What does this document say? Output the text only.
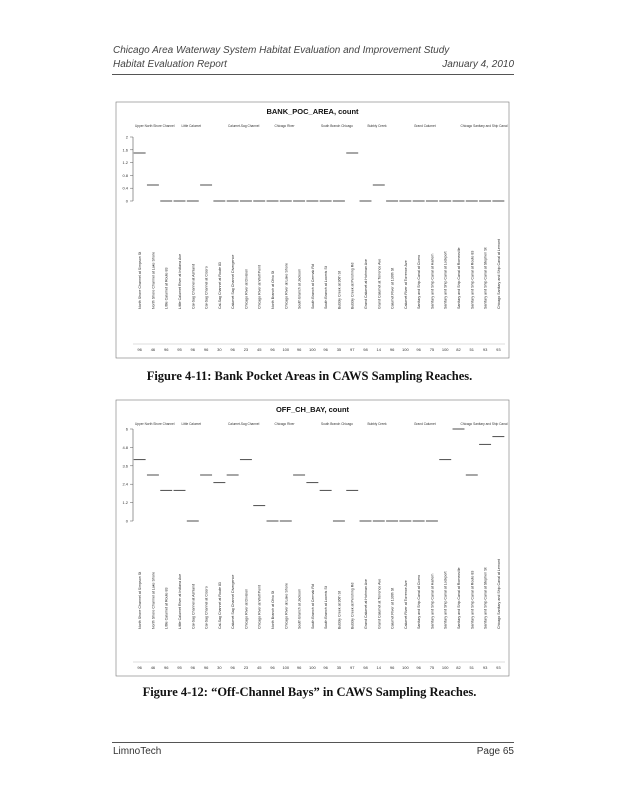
Chicago Area Waterway System Habitat Evaluation and Improvement Study
Habitat Evaluation Report	January 4, 2010
BANK_POC_AREA, count
Upper North Shore Channel Little Calumet	Calumet-Sag Channel	Chicago River	South Branch Chicago	Bubbly Creek	Grand Calumet	Chicago Sanitary and Ship Canal
0
0.4
0.8
1.2
1.6
2
North Shore Channel at Simpson St
96
North Shore Channel at Lake Shore
46
Little Calumet at Route 83
96
Little Calumet River at Indiana Ave
95
Cal-Sag Channel at Ashland
96
Cal-Sag Channel at Cicero
96
Cal-Sag Channel at Route 83
30
Calumet Sag Channel Divergence
96
Chicago River at Division
23
Chicago River at Wolf Point
45
North Branch at Ohio St
96
Chicago River at Lake Shore
100
South Branch at Jackson
96
South Branch at Cermak Rd
100
South Branch at Loomis St
96
Bubbly Creek at 36th St
35
Bubbly Creek at Pershing Rd
97
Grand Calumet at Hohman Ave
98
Grand Calumet at Torrence Ave
14
Calumet River at 130th St
96
Calumet River at Torrence Ave
100
Sanitary and Ship Canal at Cicero
96
Sanitary and Ship Canal at Harlem
75
Sanitary and Ship Canal at Lockport
100
Sanitary and Ship Canal at Romeoville
82
Sanitary and Ship Canal at Route 83
51
Sanitary and Ship Canal at Stephen St
93
Chicago Sanitary and Ship Canal at Lemont
93
Figure 4-11: Bank Pocket Areas in CAWS Sampling Reaches.
OFF_CH_BAY, count
Upper North Shore Channel Little Calumet	Calumet-Sag Channel	Chicago River	South Branch Chicago	Bubbly Creek	Grand Calumet	Chicago Sanitary and Ship Canal
0
1.2
2.4
3.6
4.8
6
North Shore Channel at Simpson St
96
North Shore Channel at Lake Shore
46
Little Calumet at Route 83
96
Little Calumet River at Indiana Ave
95
Cal-Sag Channel at Ashland
96
Cal-Sag Channel at Cicero
96
Cal-Sag Channel at Route 83
30
Calumet Sag Channel Divergence
96
Chicago River at Division
23
Chicago River at Wolf Point
45
North Branch at Ohio St
96
Chicago River at Lake Shore
100
South Branch at Jackson
96
South Branch at Cermak Rd
100
South Branch at Loomis St
96
Bubbly Creek at 36th St
35
Bubbly Creek at Pershing Rd
97
Grand Calumet at Hohman Ave
98
Grand Calumet at Torrence Ave
14
Calumet River at 130th St
96
Calumet River at Torrence Ave
100
Sanitary and Ship Canal at Cicero
96
Sanitary and Ship Canal at Harlem
75
Sanitary and Ship Canal at Lockport
100
Sanitary and Ship Canal at Romeoville
82
Sanitary and Ship Canal at Route 83
51
Sanitary and Ship Canal at Stephen St
93
Chicago Sanitary and Ship Canal at Lemont
93
Figure 4-12: “Off-Channel Bays” in CAWS Sampling Reaches.
LimnoTech	Page 65
